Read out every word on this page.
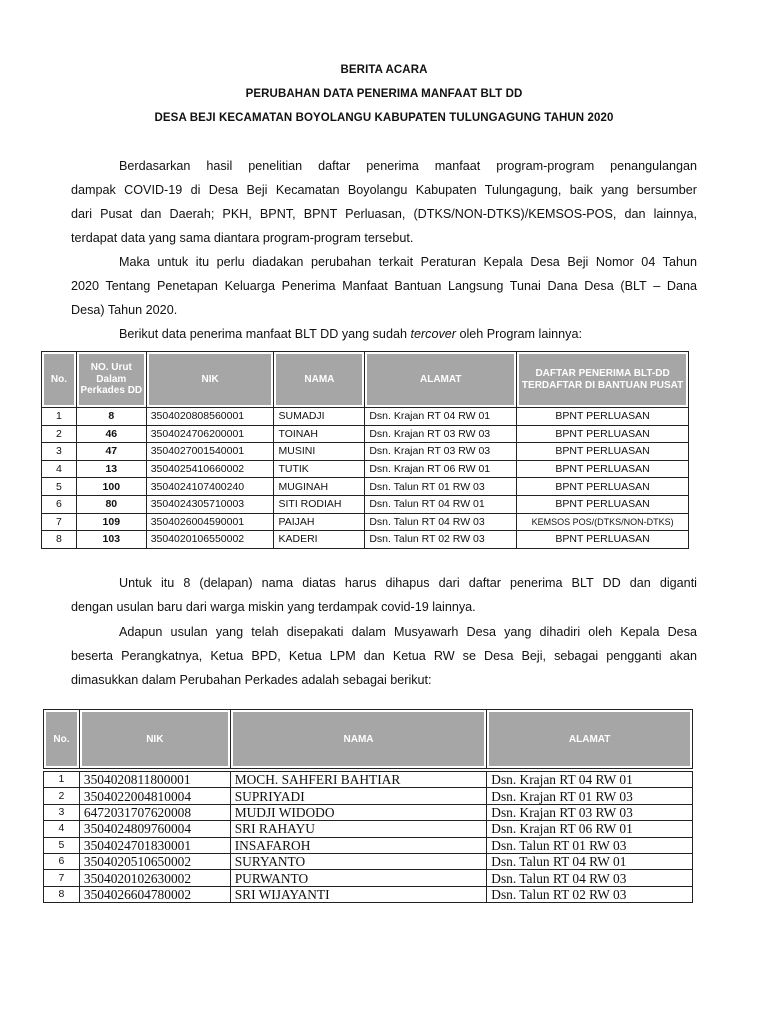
BERITA ACARA
PERUBAHAN DATA PENERIMA MANFAAT BLT DD
DESA BEJI KECAMATAN BOYOLANGU KABUPATEN TULUNGAGUNG TAHUN 2020
Berdasarkan hasil penelitian daftar penerima manfaat program-program penangulangan
dampak COVID-19 di Desa Beji Kecamatan Boyolangu Kabupaten Tulungagung, baik yang bersumber
dari Pusat dan Daerah; PKH, BPNT, BPNT Perluasan, (DTKS/NON-DTKS)/KEMSOS-POS, dan lainnya,
terdapat data yang sama diantara program-program tersebut.
Maka untuk itu perlu diadakan perubahan terkait Peraturan Kepala Desa Beji Nomor 04 Tahun
2020 Tentang Penetapan Keluarga Penerima Manfaat Bantuan Langsung Tunai Dana Desa (BLT – Dana
Desa) Tahun 2020.
Berikut data penerima manfaat BLT DD yang sudah tercover oleh Program lainnya:
No.	NO. Urut Dalam Perkades DD	NIK	NAMA	ALAMAT	DAFTAR PENERIMA BLT-DD TERDAFTAR DI BANTUAN PUSAT
1	8	3504020808560001	SUMADJI	Dsn. Krajan RT 04 RW 01	BPNT PERLUASAN
2	46	3504024706200001	TOINAH	Dsn. Krajan RT 03 RW 03	BPNT PERLUASAN
3	47	3504027001540001	MUSINI	Dsn. Krajan RT 03 RW 03	BPNT PERLUASAN
4	13	3504025410660002	TUTIK	Dsn. Krajan RT 06 RW 01	BPNT PERLUASAN
5	100	3504024107400240	MUGINAH	Dsn. Talun RT 01 RW 03	BPNT PERLUASAN
6	80	3504024305710003	SITI RODIAH	Dsn. Talun RT 04 RW 01	BPNT PERLUASAN
7	109	3504026004590001	PAIJAH	Dsn. Talun RT 04 RW 03	KEMSOS POS/(DTKS/NON-DTKS)
8	103	3504020106550002	KADERI	Dsn. Talun RT 02 RW 03	BPNT PERLUASAN
Untuk itu 8 (delapan) nama diatas harus dihapus dari daftar penerima BLT DD dan diganti
dengan usulan baru dari warga miskin yang terdampak covid-19 lainnya.
Adapun usulan yang telah disepakati dalam Musyawarh Desa yang dihadiri oleh Kepala Desa
beserta Perangkatnya, Ketua BPD, Ketua LPM dan Ketua RW se Desa Beji, sebagai pengganti akan
dimasukkan dalam Perubahan Perkades adalah sebagai berikut:
No.	NIK	NAMA	ALAMAT

1	3504020811800001	MOCH. SAHFERI BAHTIAR	Dsn. Krajan RT 04 RW 01
2	3504022004810004	SUPRIYADI	Dsn. Krajan RT 01 RW 03
3	6472031707620008	MUDJI WIDODO	Dsn. Krajan RT 03 RW 03
4	3504024809760004	SRI RAHAYU	Dsn. Krajan RT 06 RW 01
5	3504024701830001	INSAFAROH	Dsn. Talun RT 01 RW 03
6	3504020510650002	SURYANTO	Dsn. Talun RT 04 RW 01
7	3504020102630002	PURWANTO	Dsn. Talun RT 04 RW 03
8	3504026604780002	SRI WIJAYANTI	Dsn. Talun RT 02 RW 03
